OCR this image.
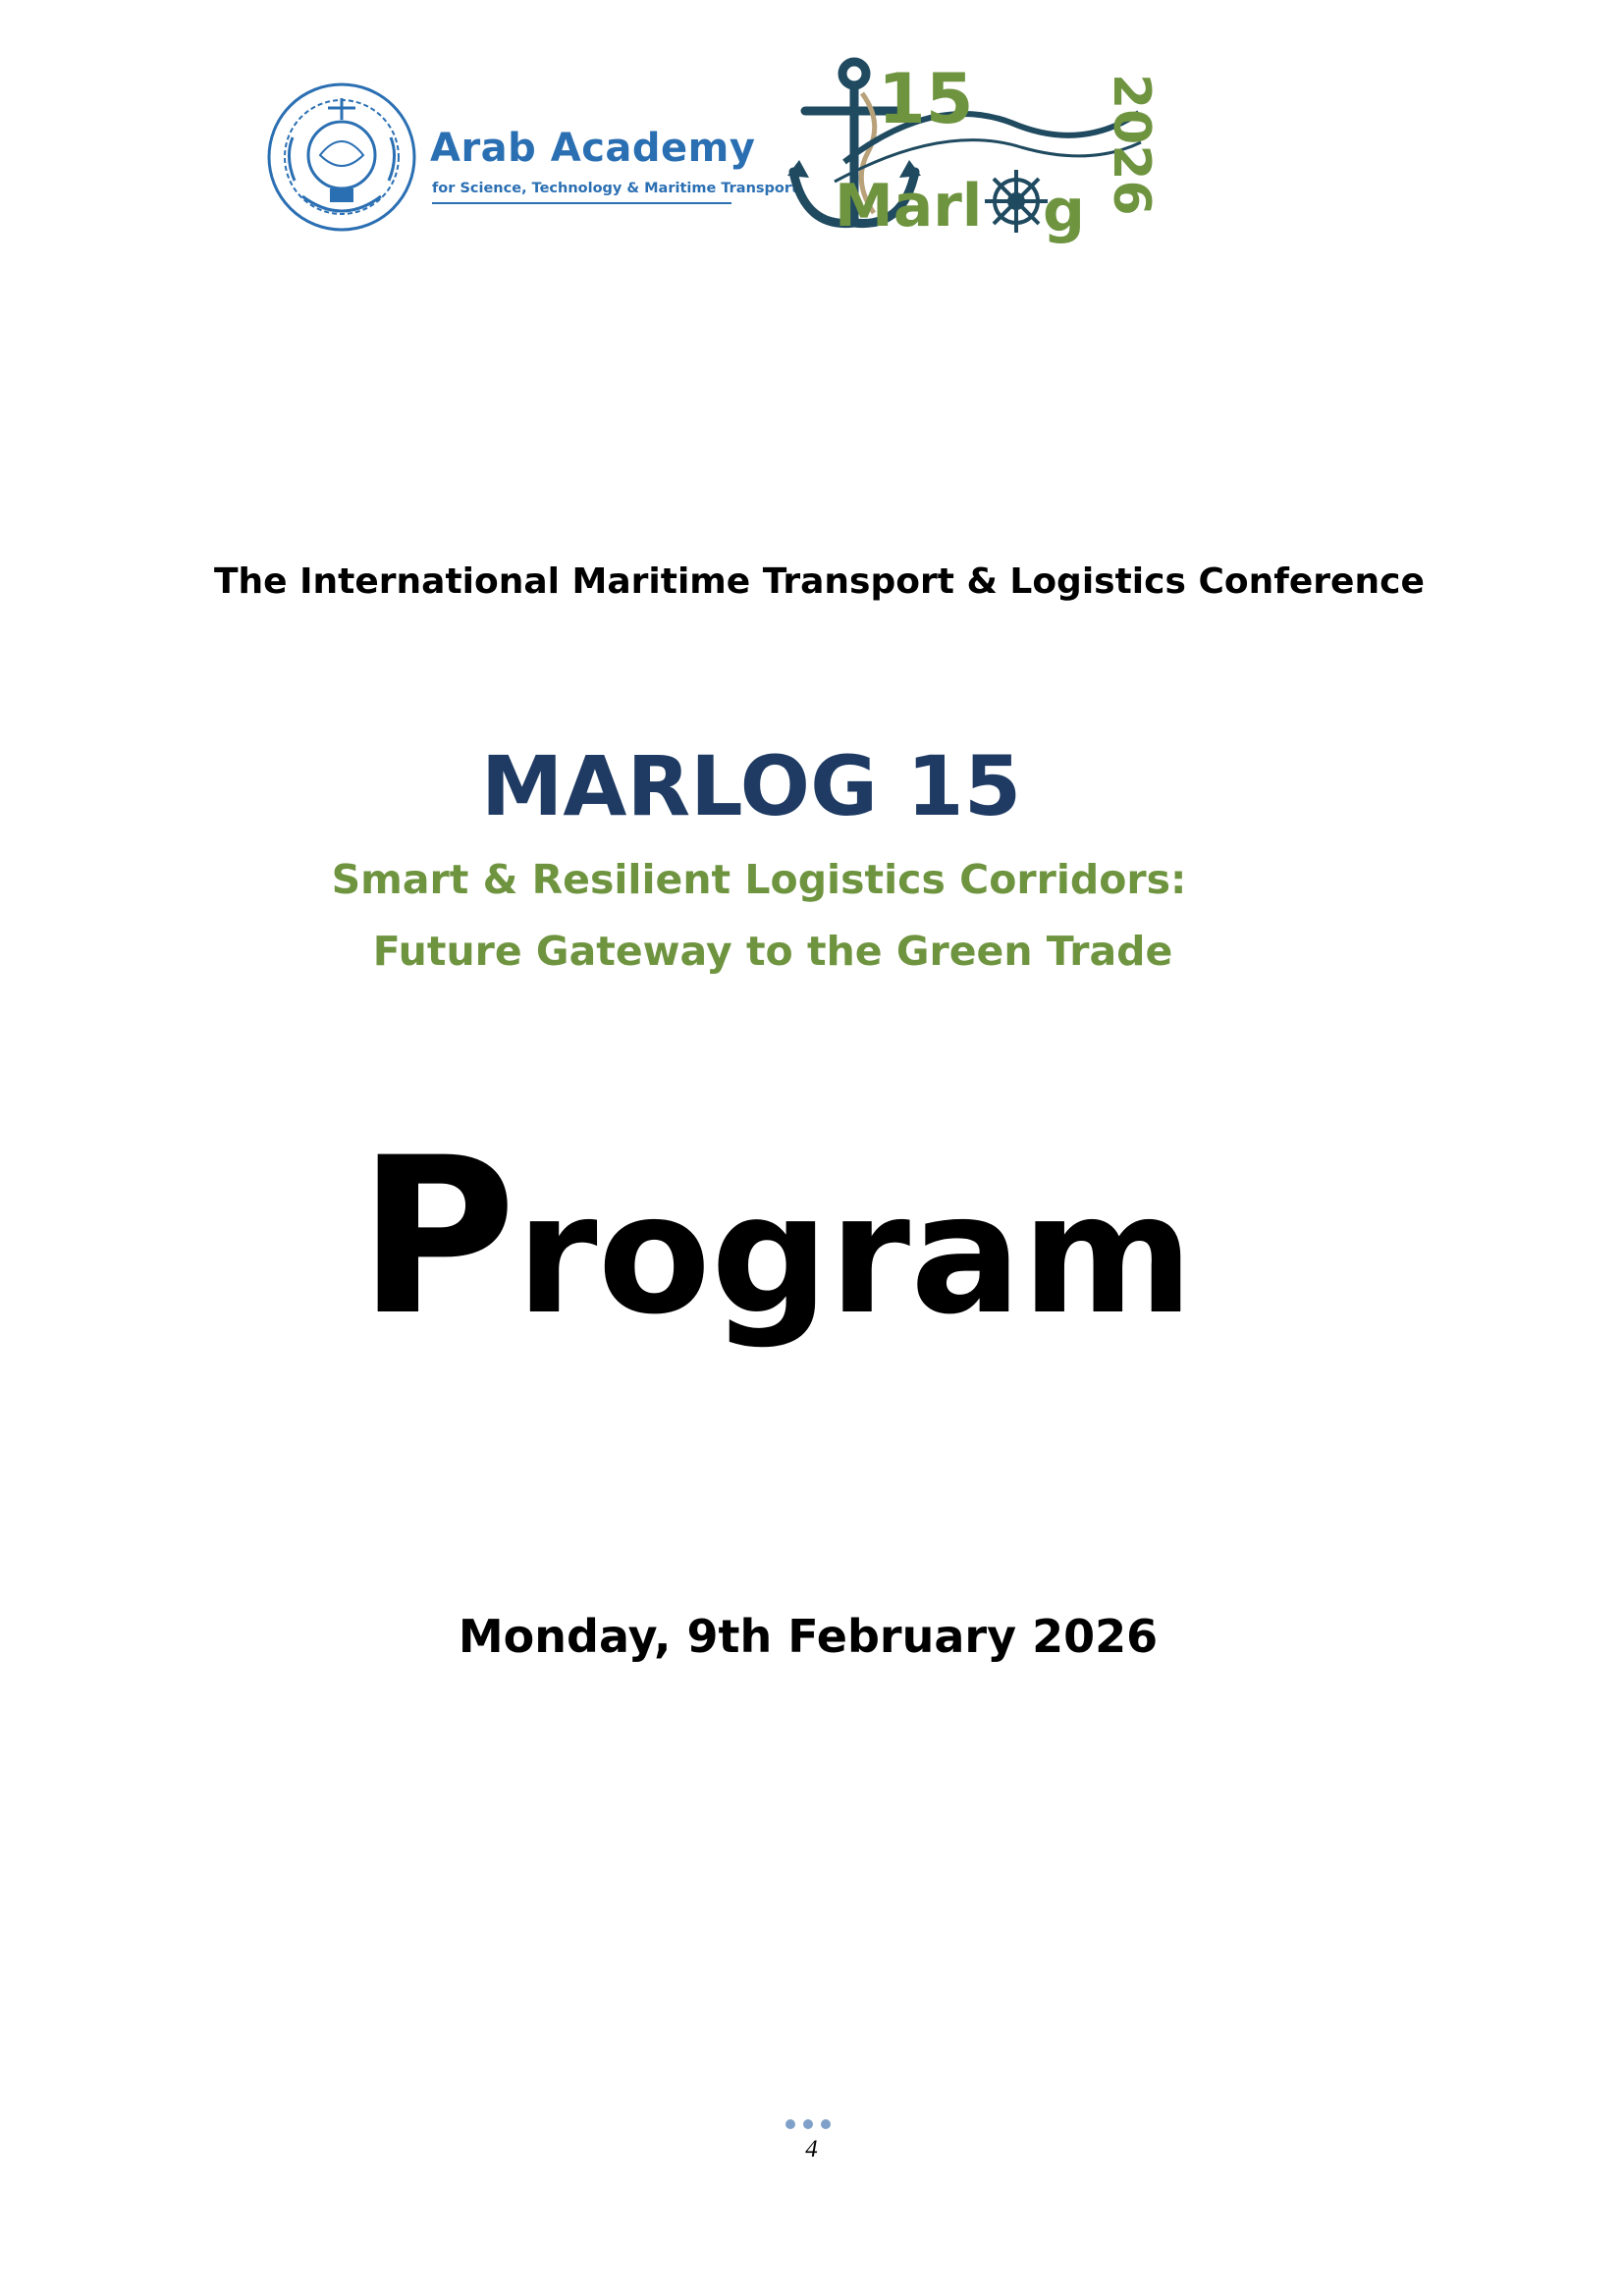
Arab Academy
for Science, Technology & Maritime Transport
15
Marl g 2026
The International Maritime Transport & Logistics Conference
MARLOG 15
Smart & Resilient Logistics Corridors:
Future Gateway to the Green Trade
Program
Monday, 9th February 2026
4
